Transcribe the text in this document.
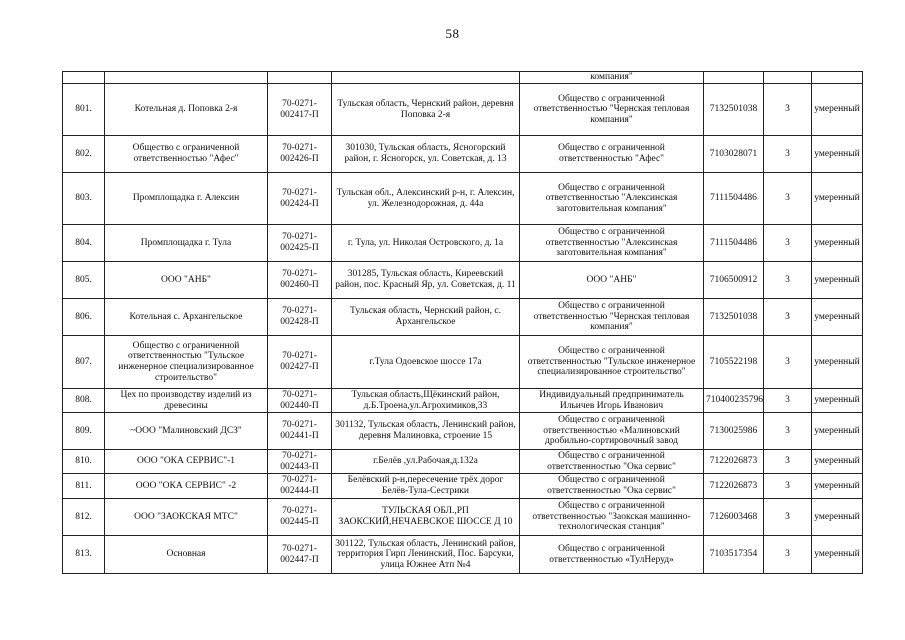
58
				компания"			
801.	Котельная д. Поповка 2-я	70-0271-002417-П	Тульская область, Чернский район, деревня Поповка 2-я	Общество с ограниченной ответственностью "Чернская тепловая компания"	7132501038	3	умеренный
802.	Общество с ограниченной ответственностью "Афес"	70-0271-002426-П	301030, Тульская область, Ясногорский район, г. Ясногорск, ул. Советская, д. 13	Общество с ограниченной ответственностью "Афес"	7103028071	3	умеренный
803.	Промплощадка г. Алексин	70-0271-002424-П	Тульская обл., Алексинский р-н, г. Алексин, ул. Железнодорожная, д. 44а	Общество с ограниченной ответственностью "Алексинская заготовительная компания"	7111504486	3	умеренный
804.	Промплощадка г. Тула	70-0271-002425-П	г. Тула, ул. Николая Островского, д. 1а	Общество с ограниченной ответственностью "Алексинская заготовительная компания"	7111504486	3	умеренный
805.	ООО "АНБ"	70-0271-002460-П	301285, Тульская область, Киреевский район, пос. Красный Яр, ул. Советская, д. 11	ООО "АНБ"	7106500912	3	умеренный
806.	Котельная с. Архангельское	70-0271-002428-П	Тульская область, Чернский район, с. Архангельское	Общество с ограниченной ответственностью "Чернская тепловая компания"	7132501038	3	умеренный
807.	Общество с ограниченной ответственностью "Тульское инженерное специализированное строительство"	70-0271-002427-П	г.Тула Одоевское шоссе 17а	Общество с ограниченной ответственностью "Тульское инженерное специализированное строительство"	7105522198	3	умеренный
808.	Цех по производству изделий из древесины	70-0271-002440-П	Тульская область,Щёкинский район, д.Б.Троена,ул.Агрохимиков,33	Индивидуальный предприниматель Ильичев Игорь Иванович	710400235796	3	умеренный
809.	~ООО "Малиновский ДСЗ"	70-0271-002441-П	301132, Тульская область, Ленинский район, деревня Малиновка, строение 15	Общество с ограниченной ответственностью «Малиновский дробильно-сортировочный завод	7130025986	3	умеренный
810.	ООО "ОКА СЕРВИС"-1	70-0271-002443-П	г.Белёв ,ул.Рабочая,д.132а	Общество с ограниченной ответственностью "Ока сервис"	7122026873	3	умеренный
811.	ООО "ОКА СЕРВИС" -2	70-0271-002444-П	Белёвский р-н,пересечение трёх дорог Белёв-Тула-Сестрики	Общество с ограниченной ответственностью "Ока сервис"	7122026873	3	умеренный
812.	ООО "ЗАОКСКАЯ МТС"	70-0271-002445-П	ТУЛЬСКАЯ ОБЛ.,РП ЗАОКСКИЙ,НЕЧАЕВСКОЕ ШОССЕ Д 10	Общество с ограниченной ответственностью "Заокская машинно-технологическая станция"	7126003468	3	умеренный
813.	Основная	70-0271-002447-П	301122, Тульская область, Ленинский район, территория Гирп Ленинский, Пос. Барсуки, улица Южнее Атп №4	Общество с ограниченной ответственностью «ТулНеруд»	7103517354	3	умеренный
